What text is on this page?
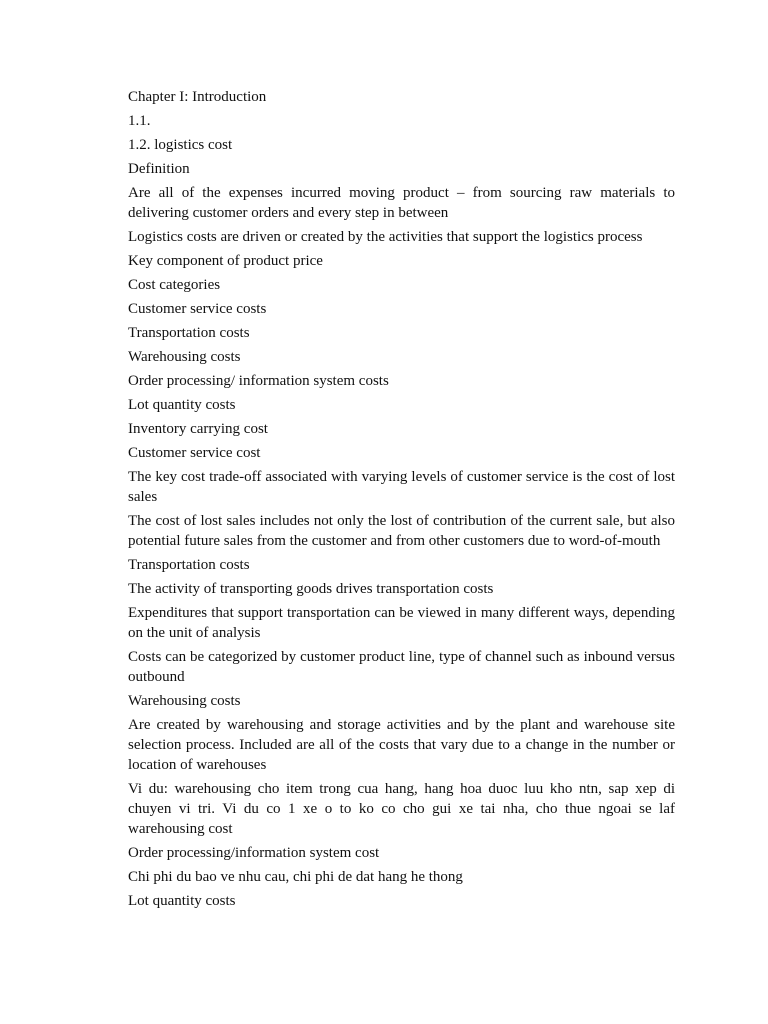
Chapter I: Introduction

1.1.

1.2. logistics cost

Definition

Are all of the expenses incurred moving product – from sourcing raw materials to delivering customer orders and every step in between

Logistics costs are driven or created by the activities that support the logistics process

Key component of product price

Cost categories

Customer service costs

Transportation costs

Warehousing costs

Order processing/ information system costs

Lot quantity costs

Inventory carrying cost

Customer service cost

The key cost trade-off associated with varying levels of customer service is the cost of lost sales

The cost of lost sales includes not only the lost of contribution of the current sale, but also potential future sales from the customer and from other customers due to word-of-mouth

Transportation costs

The activity of transporting goods drives transportation costs

Expenditures that support transportation can be viewed in many different ways, depending on the unit of analysis

Costs can be categorized by customer product line, type of channel such as inbound versus outbound

Warehousing costs

Are created by warehousing and storage activities and by the plant and warehouse site selection process. Included are all of the costs that vary due to a change in the number or location of warehouses

Vi du: warehousing cho item trong cua hang, hang hoa duoc luu kho ntn, sap xep di chuyen vi tri. Vi du co 1 xe o to ko co cho gui xe tai nha, cho thue ngoai se laf warehousing cost

Order processing/information system cost

Chi phi du bao ve nhu cau, chi phi de dat hang he thong

Lot quantity costs
